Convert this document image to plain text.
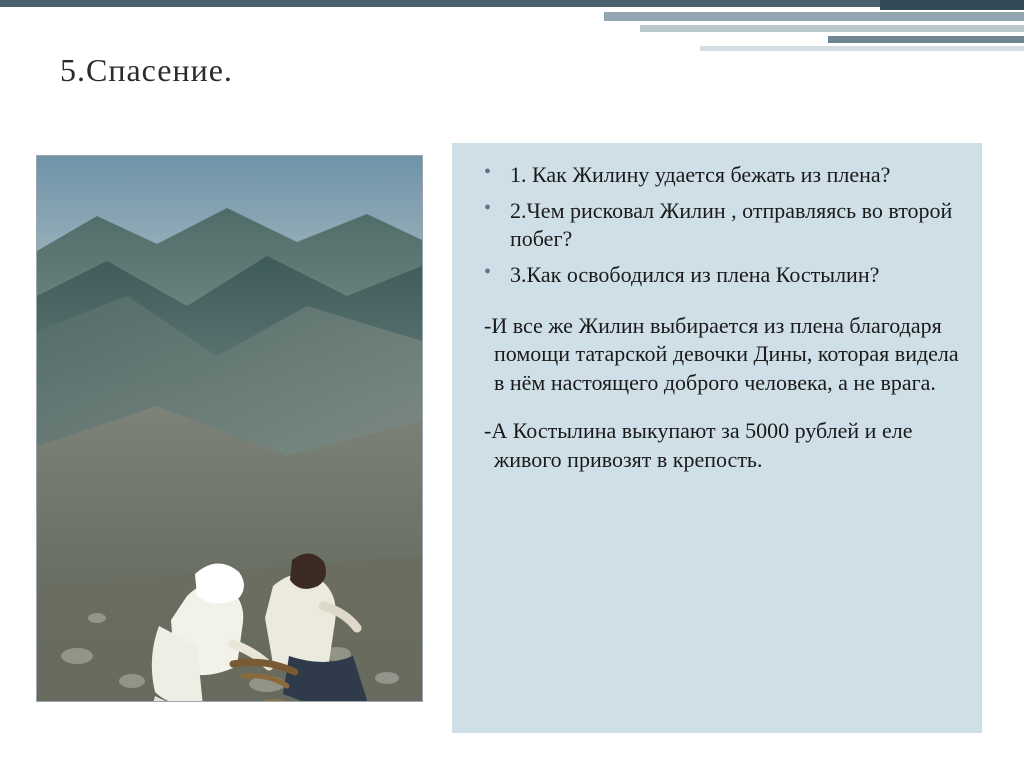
5.Спасение.
• 1. Как Жилину удается бежать из плена?
• 2.Чем рисковал Жилин , отправляясь во второй побег?
• 3.Как освободился из плена Костылин?

-И все же Жилин выбирается из плена благодаря помощи татарской девочки Дины, которая видела в нём настоящего доброго человека, а не врага.

-А Костылина выкупают за 5000 рублей и еле живого привозят в крепость.
